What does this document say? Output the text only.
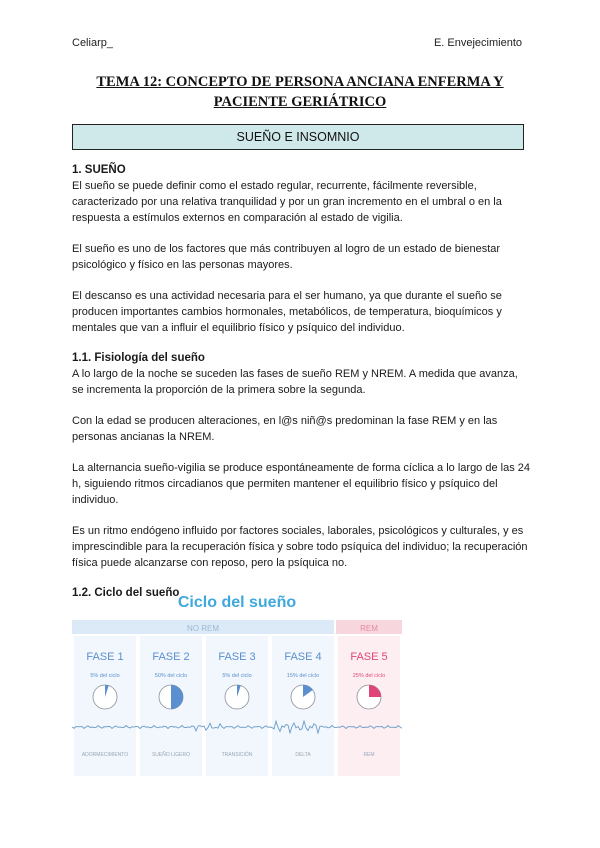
Celiarp_	E. Envejecimiento
TEMA 12: CONCEPTO DE PERSONA ANCIANA ENFERMA Y PACIENTE GERIÁTRICO
SUEÑO E INSOMNIO
1. SUEÑO

El sueño se puede definir como el estado regular, recurrente, fácilmente reversible, caracterizado por una relativa tranquilidad y por un gran incremento en el umbral o en la respuesta a estímulos externos en comparación al estado de vigilia.

El sueño es uno de los factores que más contribuyen al logro de un estado de bienestar psicológico y físico en las personas mayores.

El descanso es una actividad necesaria para el ser humano, ya que durante el sueño se producen importantes cambios hormonales, metabólicos, de temperatura, bioquímicos y mentales que van a influir el equilibrio físico y psíquico del individuo.

1.1. Fisiología del sueño

A lo largo de la noche se suceden las fases de sueño REM y NREM. A medida que avanza, se incrementa la proporción de la primera sobre la segunda.

Con la edad se producen alteraciones, en l@s niñ@s predominan la fase REM y en las personas ancianas la NREM.

La alternancia sueño-vigilia se produce espontáneamente de forma cíclica a lo largo de las 24 h, siguiendo ritmos circadianos que permiten mantener el equilibrio físico y psíquico del individuo.

Es un ritmo endógeno influido por factores sociales, laborales, psicológicos y culturales, y es imprescindible para la recuperación física y sobre todo psíquica del individuo; la recuperación física puede alcanzarse con reposo, pero la psíquica no.

1.2. Ciclo del sueño
Ciclo del sueño
NO REM	REM
FASE 1
5% del ciclo
ADORMECIMIENTO
FASE 2
50% del ciclo
SUEÑO LIGERO
FASE 3
5% del ciclo
TRANSICIÓN
FASE 4
15% del ciclo
DELTA
FASE 5
25% del ciclo
REM
